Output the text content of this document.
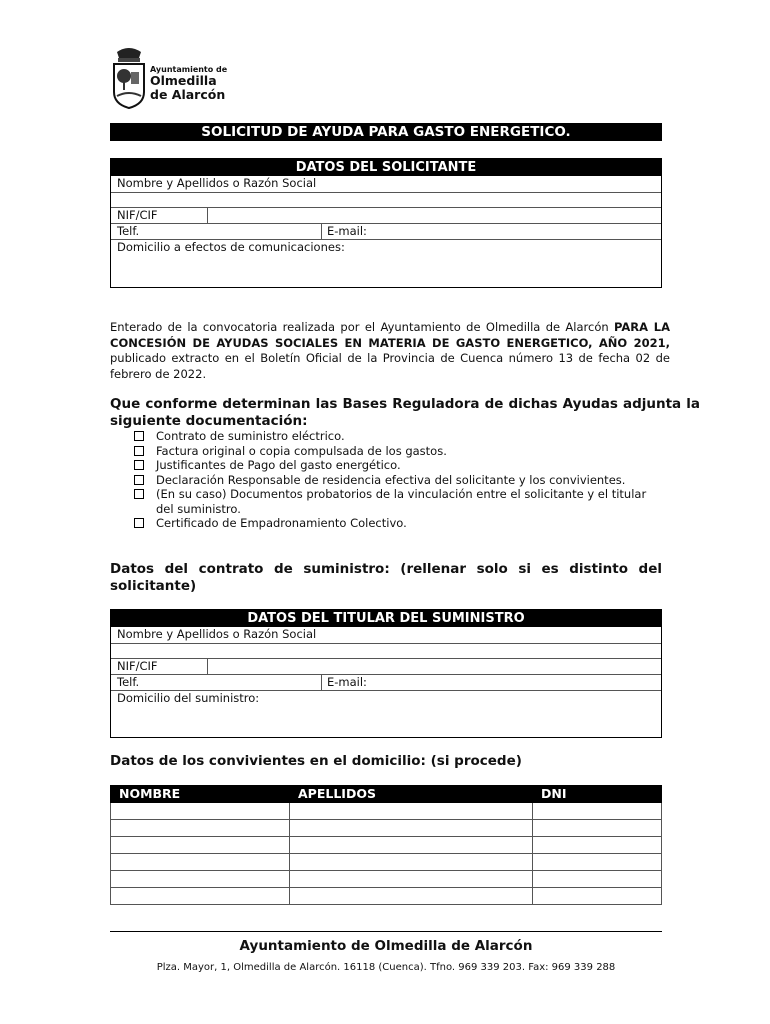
Ayuntamiento de
Olmedilla
de Alarcón
SOLICITUD DE AYUDA PARA GASTO ENERGETICO.
DATOS DEL SOLICITANTE
Nombre y Apellidos o Razón Social
NIF/CIF
Telf.	E-mail:
Domicilio a efectos de comunicaciones:
Enterado de la convocatoria realizada por el Ayuntamiento de Olmedilla de Alarcón PARA LA CONCESIÓN DE AYUDAS SOCIALES EN MATERIA DE GASTO ENERGETICO, AÑO 2021, publicado extracto en el Boletín Oficial de la Provincia de Cuenca número 13 de fecha 02 de febrero de 2022.
Que conforme determinan las Bases Reguladora de dichas Ayudas adjunta la siguiente documentación:
Contrato de suministro eléctrico.
Factura original o copia compulsada de los gastos.
Justificantes de Pago del gasto energético.
Declaración Responsable de residencia efectiva del solicitante y los convivientes.
(En su caso) Documentos probatorios de la vinculación entre el solicitante y el titular del suministro.
Certificado de Empadronamiento Colectivo.
Datos del contrato de suministro: (rellenar solo si es distinto del solicitante)
DATOS DEL TITULAR DEL SUMINISTRO
Nombre y Apellidos o Razón Social
NIF/CIF
Telf.	E-mail:
Domicilio del suministro:
Datos de los convivientes en el domicilio: (si procede)
NOMBRE	APELLIDOS	DNI

Ayuntamiento de Olmedilla de Alarcón
Plza. Mayor, 1, Olmedilla de Alarcón. 16118 (Cuenca). Tfno. 969 339 203. Fax: 969 339 288
